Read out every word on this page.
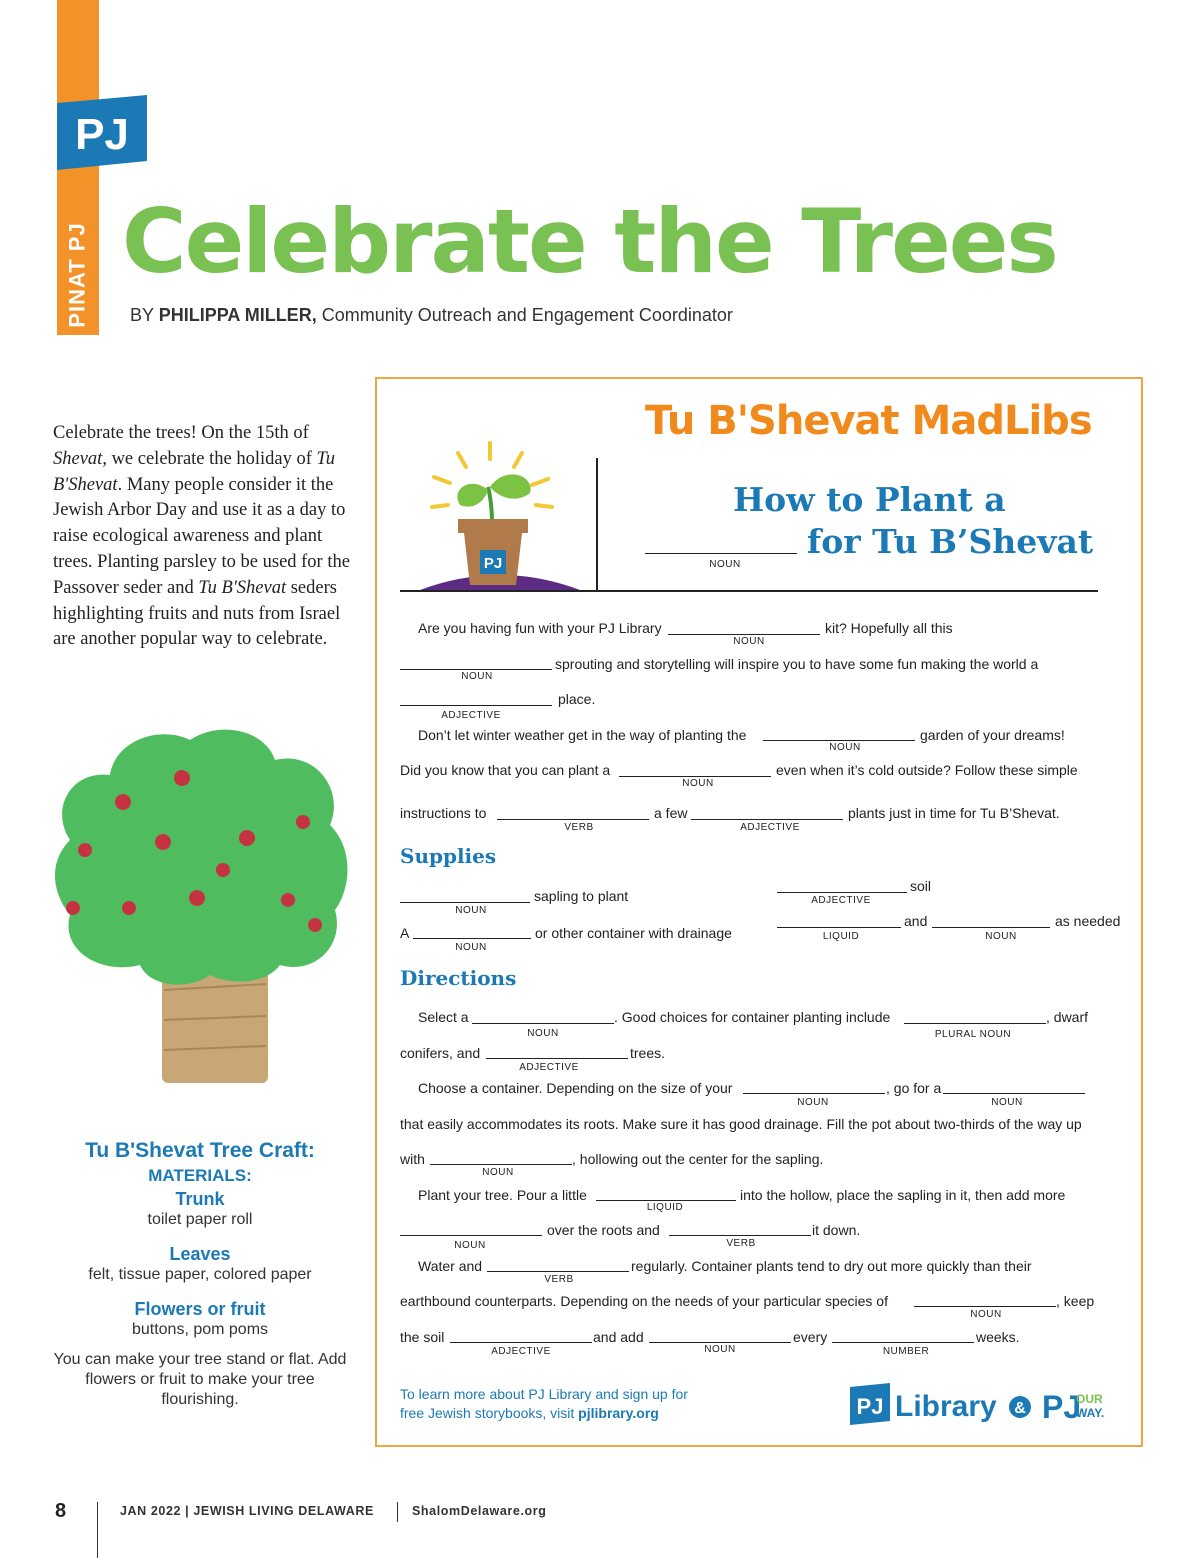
PJ
PINAT PJ Celebrate the Trees
BY PHILIPPA MILLER, Community Outreach and Engagement Coordinator
Celebrate the trees! On the 15th of Shevat, we celebrate the holiday of Tu B'Shevat. Many people consider it the Jewish Arbor Day and use it as a day to raise ecological awareness and plant trees. Planting parsley to be used for the Passover seder and Tu B'Shevat seders highlighting fruits and nuts from Israel are another popular way to celebrate.
Tu B'Shevat Tree Craft:
MATERIALS:
Trunk
toilet paper roll
Leaves
felt, tissue paper, colored paper
Flowers or fruit
buttons, pom poms
You can make your tree stand or flat. Add flowers or fruit to make your tree flourishing.
Tu B'Shevat MadLibs
PJ
How to Plant a
NOUN
for Tu B’Shevat
Are you having fun with your PJ Library
NOUN
kit? Hopefully all this
NOUN
sprouting and storytelling will inspire you to have some fun making the world a
ADJECTIVE
place.
Don’t let winter weather get in the way of planting the
NOUN
garden of your dreams!
Did you know that you can plant a
NOUN
even when it’s cold outside? Follow these simple
instructions to
VERB
a few
ADJECTIVE
plants just in time for Tu B’Shevat.
Supplies
NOUN
sapling to plant
A
NOUN
or other container with drainage
ADJECTIVE
soil
LIQUID
and
NOUN
as needed
Directions
Select a
NOUN
. Good choices for container planting include
PLURAL NOUN
, dwarf
conifers, and
ADJECTIVE
trees.
Choose a container. Depending on the size of your
NOUN
, go for a
NOUN
that easily accommodates its roots. Make sure it has good drainage. Fill the pot about two-thirds of the way up
with
NOUN
, hollowing out the center for the sapling.
Plant your tree. Pour a little
LIQUID
into the hollow, place the sapling in it, then add more
NOUN
over the roots and
VERB
it down.
Water and
VERB
regularly. Container plants tend to dry out more quickly than their
earthbound counterparts. Depending on the needs of your particular species of
NOUN
, keep
the soil
ADJECTIVE
and add
NOUN
every
NUMBER
weeks.
To learn more about PJ Library and sign up for
free Jewish storybooks, visit pjlibrary.org	PJ Library & PJ
OUR
WAY.
8	JAN 2022 | JEWISH LIVING DELAWARE	ShalomDelaware.org
